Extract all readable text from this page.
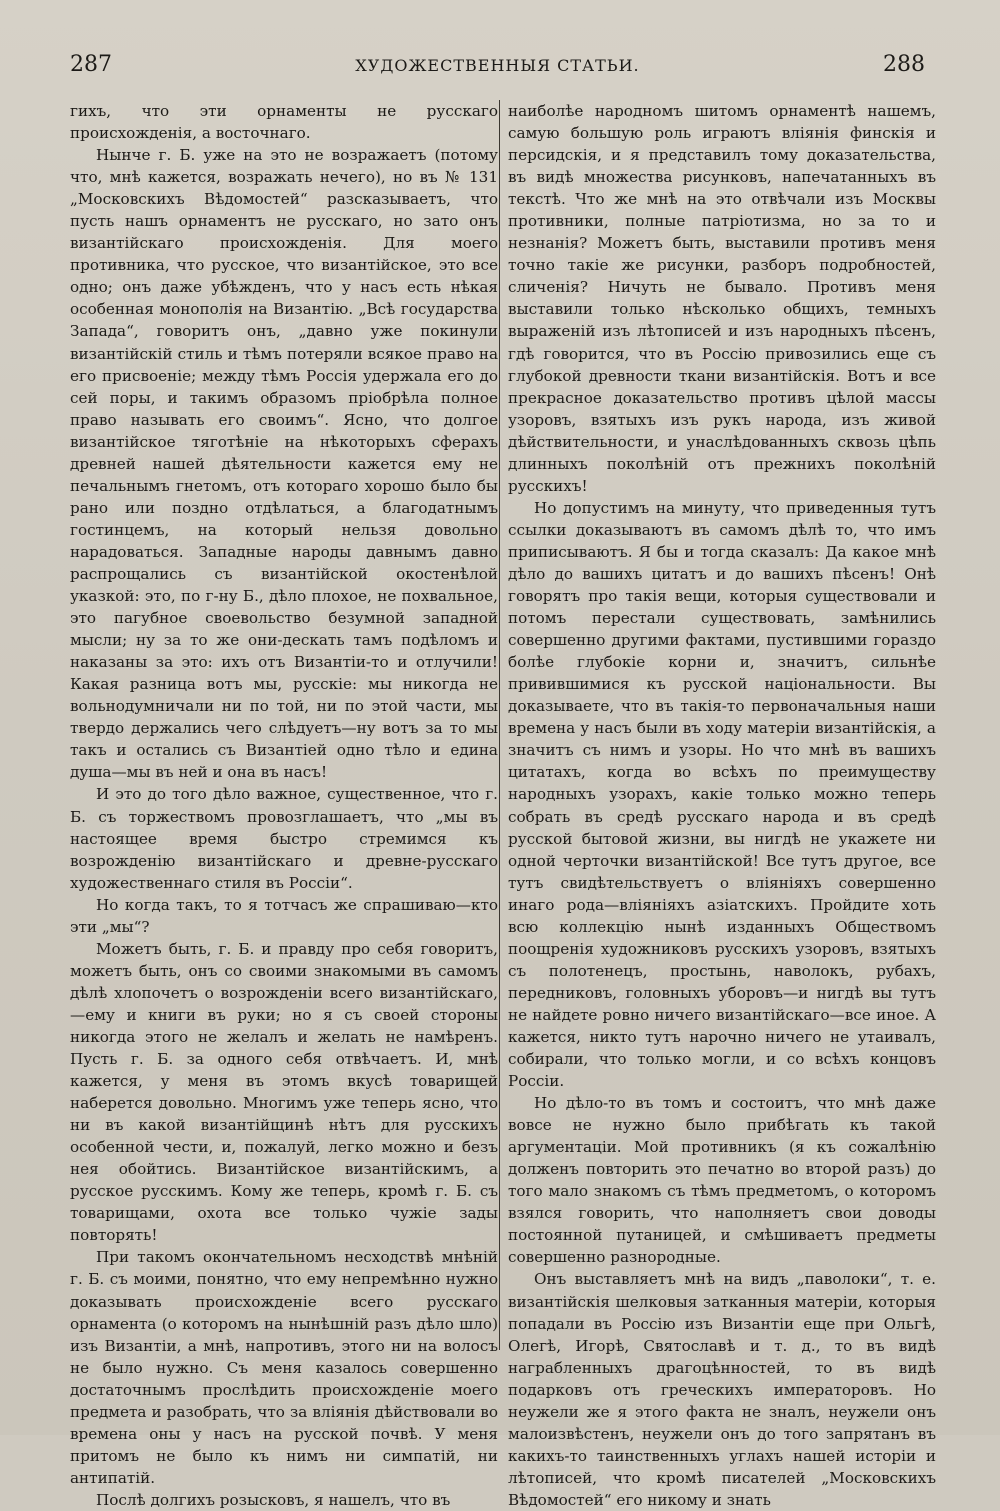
287	ХУДОЖЕСТВЕННЫЯ СТАТЬИ.	288

гихъ, что эти орнаменты не русскаго происхожденія, а восточнаго.

Нынче г. Б. уже на это не возражаетъ (потому что, мнѣ кажется, возражать нечего), но въ № 131 „Московскихъ Вѣдомостей“ разсказываетъ, что пусть нашъ орнаментъ не русскаго, но зато онъ византійскаго происхожденія. Для моего противника, что русское, что византійское, это все одно; онъ даже убѣжденъ, что у насъ есть нѣкая особенная монополія на Византію. „Всѣ государства Запада“, говоритъ онъ, „давно уже покинули византійскій стиль и тѣмъ потеряли всякое право на его присвоеніе; между тѣмъ Россія удержала его до сей поры, и такимъ образомъ пріобрѣла полное право называть его своимъ“. Ясно, что долгое византійское тяготѣніе на нѣкоторыхъ сферахъ древней нашей дѣятельности кажется ему не печальнымъ гнетомъ, отъ котораго хорошо было бы рано или поздно отдѣлаться, а благодатнымъ гостинцемъ, на который нельзя довольно нарадоваться. Западные народы давнымъ давно распрощались съ византійской окостенѣлой указкой: это, по г-ну Б., дѣло плохое, не похвальное, это пагубное своевольство безумной западной мысли; ну за то же они-дескать тамъ подѣломъ и наказаны за это: ихъ отъ Византіи-то и отлучили! Какая разница вотъ мы, русскіе: мы никогда не вольнодумничали ни по той, ни по этой части, мы твердо держались чего слѣдуетъ—ну вотъ за то мы такъ и остались съ Византіей одно тѣло и едина душа—мы въ ней и она въ насъ!

И это до того дѣло важное, существенное, что г. Б. съ торжествомъ провозглашаетъ, что „мы въ настоящее время быстро стремимся къ возрожденію византійскаго и древне-русскаго художественнаго стиля въ Россіи“.

Но когда такъ, то я тотчасъ же спрашиваю—кто эти „мы“?

Можетъ быть, г. Б. и правду про себя говоритъ, можетъ быть, онъ со своими знакомыми въ самомъ дѣлѣ хлопочетъ о возрожденіи всего византійскаго,—ему и книги въ руки; но я съ своей стороны никогда этого не желалъ и желать не намѣренъ. Пусть г. Б. за одного себя отвѣчаетъ. И, мнѣ кажется, у меня въ этомъ вкусѣ товарищей наберется довольно. Многимъ уже теперь ясно, что ни въ какой византійщинѣ нѣтъ для русскихъ особенной чести, и, пожалуй, легко можно и безъ нея обойтись. Византійское византійскимъ, а русское русскимъ. Кому же теперь, кромѣ г. Б. съ товарищами, охота все только чужіе зады повторять!

При такомъ окончательномъ несходствѣ мнѣній г. Б. съ моими, понятно, что ему непремѣнно нужно доказывать происхожденіе всего русскаго орнамента (о которомъ на нынѣшній разъ дѣло шло) изъ Византіи, а мнѣ, напротивъ, этого ни на волосъ не было нужно. Съ меня казалось совершенно достаточнымъ прослѣдить происхожденіе моего предмета и разобрать, что за вліянія дѣйствовали во времена оны у насъ на русской почвѣ. У меня притомъ не было къ нимъ ни симпатій, ни антипатій.

Послѣ долгихъ розысковъ, я нашелъ, что въ

наиболѣе народномъ шитомъ орнаментѣ нашемъ, самую большую роль играютъ вліянія финскія и персидскія, и я представилъ тому доказательства, въ видѣ множества рисунковъ, напечатанныхъ въ текстѣ. Что же мнѣ на это отвѣчали изъ Москвы противники, полные патріотизма, но за то и незнанія? Можетъ быть, выставили противъ меня точно такіе же рисунки, разборъ подробностей, сличенія? Ничуть не бывало. Противъ меня выставили только нѣсколько общихъ, темныхъ выраженій изъ лѣтописей и изъ народныхъ пѣсенъ, гдѣ говорится, что въ Россію привозились еще съ глубокой древности ткани византійскія. Вотъ и все прекрасное доказательство противъ цѣлой массы узоровъ, взятыхъ изъ рукъ народа, изъ живой дѣйствительности, и унаслѣдованныхъ сквозь цѣпь длинныхъ поколѣній отъ прежнихъ поколѣній русскихъ!

Но допустимъ на минуту, что приведенныя тутъ ссылки доказываютъ въ самомъ дѣлѣ то, что имъ приписываютъ. Я бы и тогда сказалъ: Да какое мнѣ дѣло до вашихъ цитатъ и до вашихъ пѣсенъ! Онѣ говорятъ про такія вещи, которыя существовали и потомъ перестали существовать, замѣнились совершенно другими фактами, пустившими гораздо болѣе глубокіе корни и, значитъ, сильнѣе привившимися къ русской національности. Вы доказываете, что въ такія-то первоначальныя наши времена у насъ были въ ходу матеріи византійскія, а значитъ съ нимъ и узоры. Но что мнѣ въ вашихъ цитатахъ, когда во всѣхъ по преимуществу народныхъ узорахъ, какіе только можно теперь собрать въ средѣ русскаго народа и въ средѣ русской бытовой жизни, вы нигдѣ не укажете ни одной черточки византійской! Все тутъ другое, все тутъ свидѣтельствуетъ о вліяніяхъ совершенно инаго рода—вліяніяхъ азіатскихъ. Пройдите хоть всю коллекцію нынѣ изданныхъ Обществомъ поощренія художниковъ русскихъ узоровъ, взятыхъ съ полотенецъ, простынь, наволокъ, рубахъ, передниковъ, головныхъ уборовъ—и нигдѣ вы тутъ не найдете ровно ничего византійскаго—все иное. А кажется, никто тутъ нарочно ничего не утаивалъ, собирали, что только могли, и со всѣхъ концовъ Россіи.

Но дѣло-то въ томъ и состоитъ, что мнѣ даже вовсе не нужно было прибѣгать къ такой аргументаціи. Мой противникъ (я къ сожалѣнію долженъ повторить это печатно во второй разъ) до того мало знакомъ съ тѣмъ предметомъ, о которомъ взялся говорить, что наполняетъ свои доводы постоянной путаницей, и смѣшиваетъ предметы совершенно разнородные.

Онъ выставляетъ мнѣ на видъ „паволоки“, т. е. византійскія шелковыя затканныя матеріи, которыя попадали въ Россію изъ Византіи еще при Ольгѣ, Олегѣ, Игорѣ, Святославѣ и т. д., то въ видѣ награбленныхъ драгоцѣнностей, то въ видѣ подарковъ отъ греческихъ императоровъ. Но неужели же я этого факта не зналъ, неужели онъ малоизвѣстенъ, неужели онъ до того запрятанъ въ какихъ-то таинственныхъ углахъ нашей исторіи и лѣтописей, что кромѣ писателей „Московскихъ Вѣдомостей“ его никому и знать
